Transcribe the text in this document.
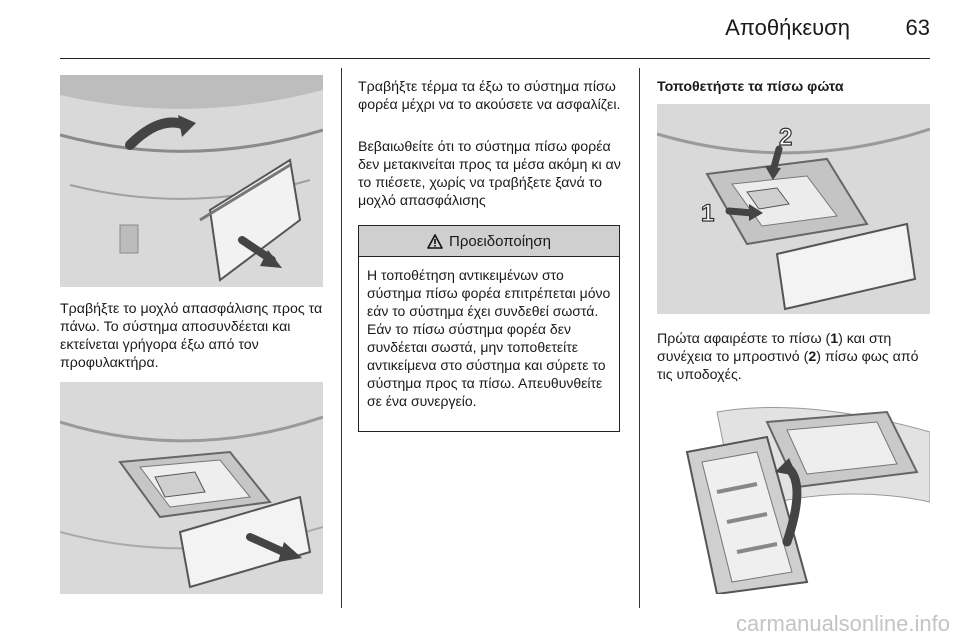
Αποθήκευση	63

Τραβήξτε το μοχλό απασφάλισης προς τα πάνω. Το σύστημα αποσυνδέεται και εκτείνεται γρήγορα έξω από τον προφυλακτήρα.

Τραβήξτε τέρμα τα έξω το σύστημα πίσω φορέα μέχρι να το ακούσετε να ασφαλίζει.

Βεβαιωθείτε ότι το σύστημα πίσω φορέα δεν μετακινείται προς τα μέσα ακόμη κι αν το πιέσετε, χωρίς να τραβήξετε ξανά το μοχλό απασφάλισης

Προειδοποίηση

Η τοποθέτηση αντικειμένων στο σύστημα πίσω φορέα επιτρέπεται μόνο εάν το σύστημα έχει συνδεθεί σωστά. Εάν το πίσω σύστημα φορέα δεν συνδέεται σωστά, μην τοποθετείτε αντικείμενα στο σύστημα και σύρετε το σύστημα προς τα πίσω. Απευθυνθείτε σε ένα συνεργείο.

Τοποθετήστε τα πίσω φώτα

1
2

Πρώτα αφαιρέστε το πίσω (1) και στη συνέχεια το μπροστινό (2) πίσω φως από τις υποδοχές.

carmanualsonline.info
